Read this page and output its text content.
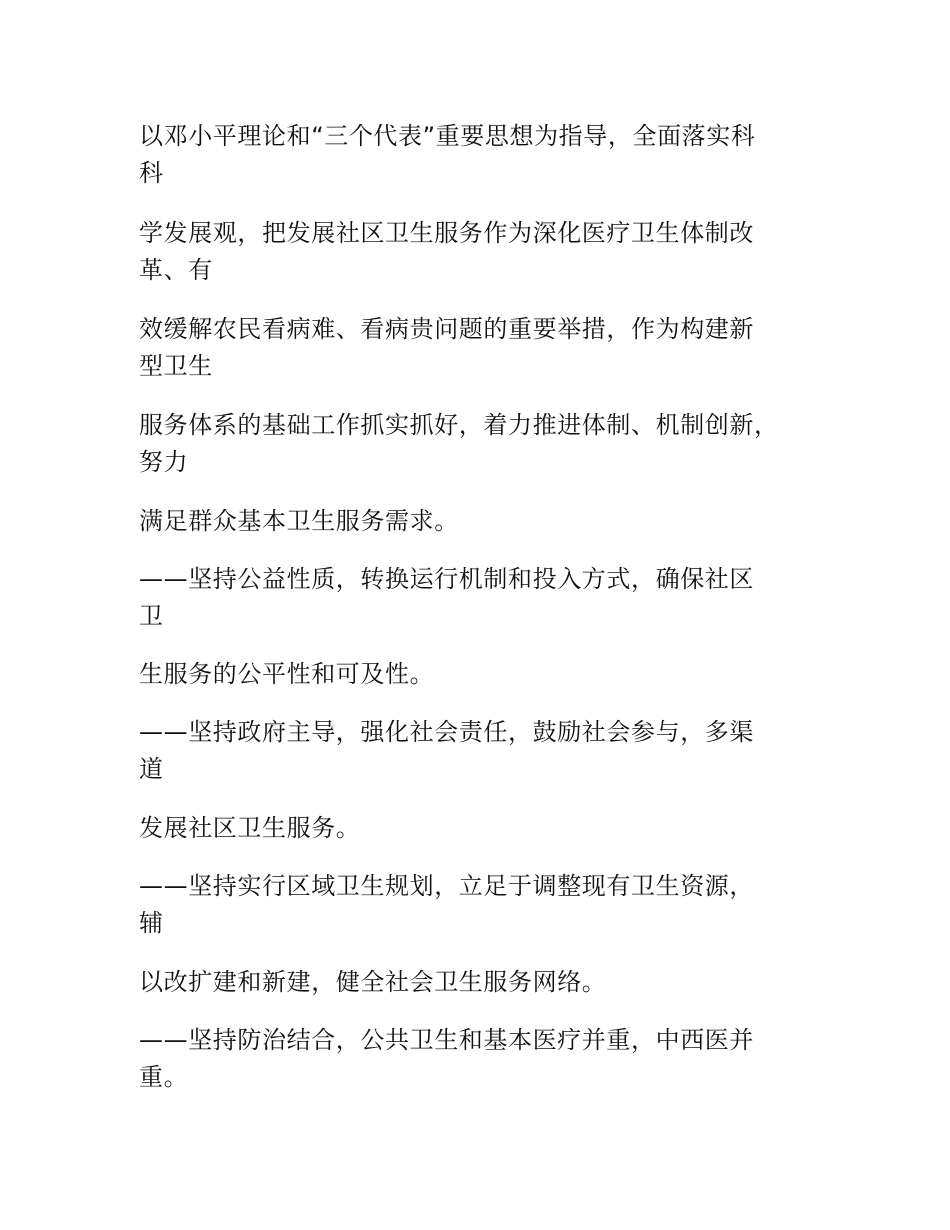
以邓小平理论和“三个代表”重要思想为指导，全面落实科
科
学发展观，把发展社区卫生服务作为深化医疗卫生体制改
革、有
效缓解农民看病难、看病贵问题的重要举措，作为构建新
型卫生
服务体系的基础工作抓实抓好，着力推进体制、机制创新，
努力
满足群众基本卫生服务需求。
——坚持公益性质，转换运行机制和投入方式，确保社区
卫
生服务的公平性和可及性。
——坚持政府主导，强化社会责任，鼓励社会参与，多渠
道
发展社区卫生服务。
——坚持实行区域卫生规划，立足于调整现有卫生资源，
辅
以改扩建和新建，健全社会卫生服务网络。
——坚持防治结合，公共卫生和基本医疗并重，中西医并
重。
